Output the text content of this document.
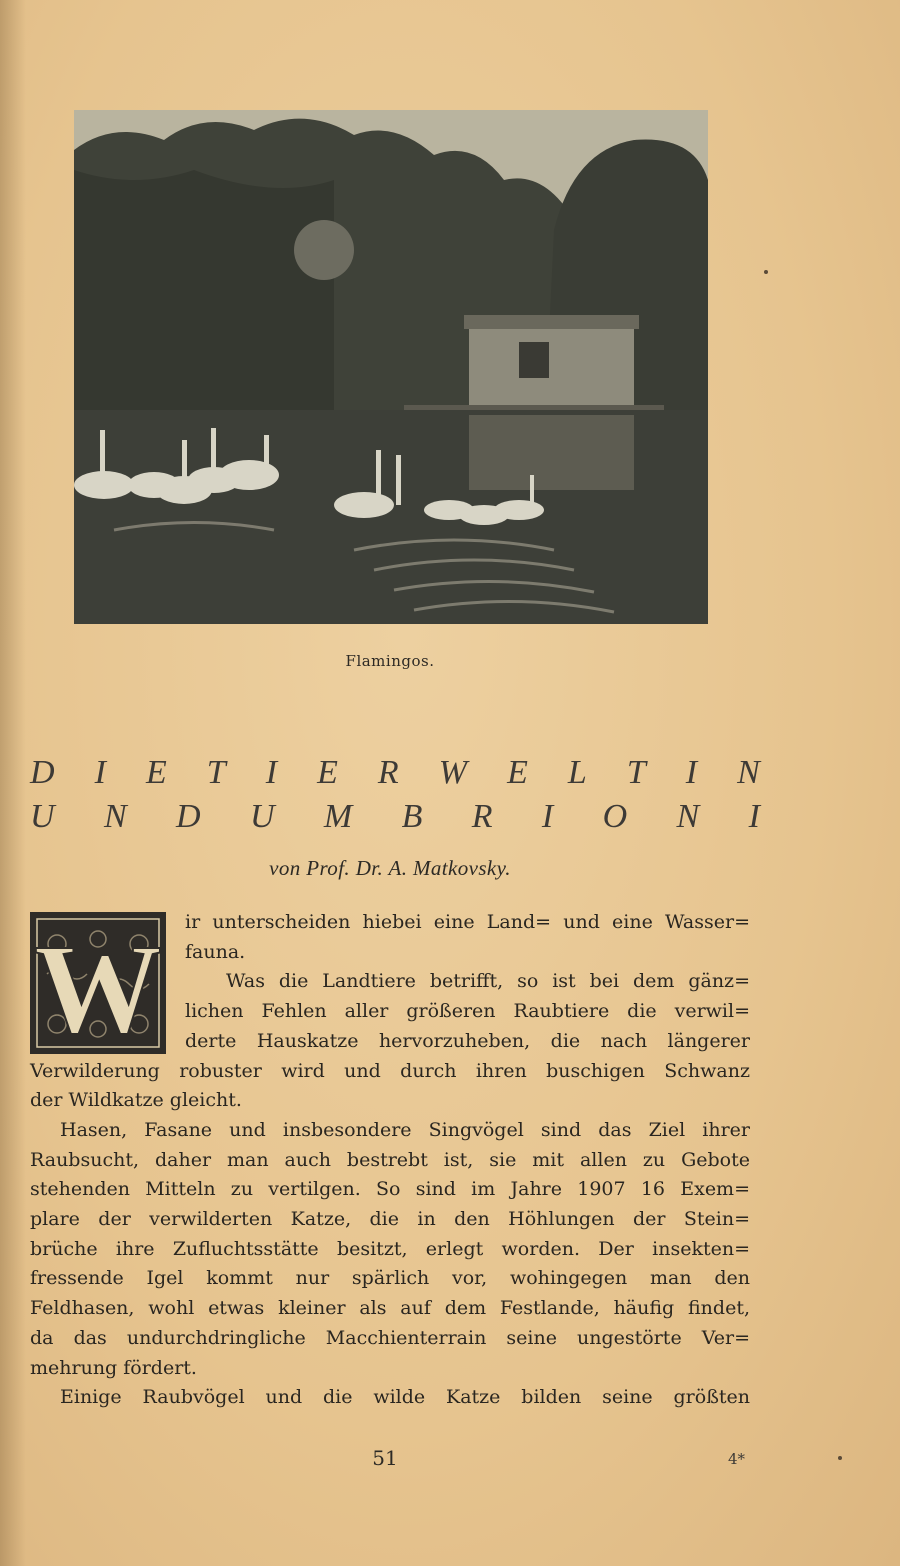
Flamingos.
D I E T I E R W E L T I N
U N D U M B R I O N I
von Prof. Dr. A. Matkovsky.
W	ir unterscheiden hiebei eine Land= und eine Wasser=
fauna.
Was die Landtiere betrifft, so ist bei dem gänz=
lichen Fehlen aller größeren Raubtiere die verwil=
derte Hauskatze hervorzuheben, die nach längerer
Verwilderung robuster wird und durch ihren buschigen Schwanz
der Wildkatze gleicht.
Hasen, Fasane und insbesondere Singvögel sind das Ziel ihrer
Raubsucht, daher man auch bestrebt ist, sie mit allen zu Gebote
stehenden Mitteln zu vertilgen. So sind im Jahre 1907 16 Exem=
plare der verwilderten Katze, die in den Höhlungen der Stein=
brüche ihre Zufluchtsstätte besitzt, erlegt worden. Der insekten=
fressende Igel kommt nur spärlich vor, wohingegen man den
Feldhasen, wohl etwas kleiner als auf dem Festlande, häufig findet,
da das undurchdringliche Macchienterrain seine ungestörte Ver=
mehrung fördert.
Einige Raubvögel und die wilde Katze bilden seine größten
51	4*
